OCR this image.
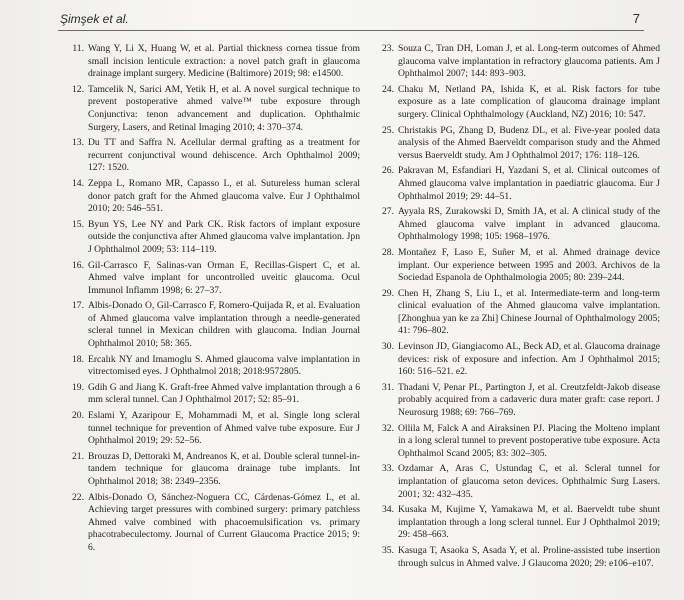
Şimşek et al.	7
11. Wang Y, Li X, Huang W, et al. Partial thickness cornea tissue from small incision lenticule extraction: a novel patch graft in glaucoma drainage implant surgery. Medicine (Baltimore) 2019; 98: e14500.
12. Tamcelik N, Sarici AM, Yetik H, et al. A novel surgical technique to prevent postoperative ahmed valve™ tube exposure through Conjunctiva: tenon advancement and duplication. Ophthalmic Surgery, Lasers, and Retinal Imaging 2010; 4: 370–374.
13. Du TT and Saffra N. Acellular dermal grafting as a treatment for recurrent conjunctival wound dehiscence. Arch Ophthalmol 2009; 127: 1520.
14. Zeppa L, Romano MR, Capasso L, et al. Sutureless human scleral donor patch graft for the Ahmed glaucoma valve. Eur J Ophthalmol 2010; 20: 546–551.
15. Byun YS, Lee NY and Park CK. Risk factors of implant exposure outside the conjunctiva after Ahmed glaucoma valve implantation. Jpn J Ophthalmol 2009; 53: 114–119.
16. Gil-Carrasco F, Salinas-van Orman E, Recillas-Gispert C, et al. Ahmed valve implant for uncontrolled uveitic glaucoma. Ocul Immunol Inflamm 1998; 6: 27–37.
17. Albis-Donado O, Gil-Carrasco F, Romero-Quijada R, et al. Evaluation of Ahmed glaucoma valve implantation through a needle-generated scleral tunnel in Mexican children with glaucoma. Indian Journal Ophthalmol 2010; 58: 365.
18. Ercalık NY and Imamoglu S. Ahmed glaucoma valve implantation in vitrectomised eyes. J Ophthalmol 2018; 2018:9572805.
19. Gdih G and Jiang K. Graft-free Ahmed valve implantation through a 6 mm scleral tunnel. Can J Ophthalmol 2017; 52: 85–91.
20. Eslami Y, Azaripour E, Mohammadi M, et al. Single long scleral tunnel technique for prevention of Ahmed valve tube exposure. Eur J Ophthalmol 2019; 29: 52–56.
21. Brouzas D, Dettoraki M, Andreanos K, et al. Double scleral tunnel-in-tandem technique for glaucoma drainage tube implants. Int Ophthalmol 2018; 38: 2349–2356.
22. Albis-Donado O, Sánchez-Noguera CC, Cárdenas-Gómez L, et al. Achieving target pressures with combined surgery: primary patchless Ahmed valve combined with phacoemulsification vs. primary phacotrabeculectomy. Journal of Current Glaucoma Practice 2015; 9: 6.
23. Souza C, Tran DH, Loman J, et al. Long-term outcomes of Ahmed glaucoma valve implantation in refractory glaucoma patients. Am J Ophthalmol 2007; 144: 893–903.
24. Chaku M, Netland PA, Ishida K, et al. Risk factors for tube exposure as a late complication of glaucoma drainage implant surgery. Clinical Ophthalmology (Auckland, NZ) 2016; 10: 547.
25. Christakis PG, Zhang D, Budenz DL, et al. Five-year pooled data analysis of the Ahmed Baerveldt comparison study and the Ahmed versus Baerveldt study. Am J Ophthalmol 2017; 176: 118–126.
26. Pakravan M, Esfandiari H, Yazdani S, et al. Clinical outcomes of Ahmed glaucoma valve implantation in paediatric glaucoma. Eur J Ophthalmol 2019; 29: 44–51.
27. Ayyala RS, Zurakowski D, Smith JA, et al. A clinical study of the Ahmed glaucoma valve implant in advanced glaucoma. Ophthalmology 1998; 105: 1968–1976.
28. Montañez F, Laso E, Suñer M, et al. Ahmed drainage device implant. Our experience between 1995 and 2003. Archivos de la Sociedad Espanola de Ophthalmologia 2005; 80: 239–244.
29. Chen H, Zhang S, Liu L, et al. Intermediate-term and long-term clinical evaluation of the Ahmed glaucoma valve implantation. [Zhonghua yan ke za Zhi] Chinese Journal of Ophthalmology 2005; 41: 796–802.
30. Levinson JD, Giangiacomo AL, Beck AD, et al. Glaucoma drainage devices: risk of exposure and infection. Am J Ophthalmol 2015; 160: 516–521. e2.
31. Thadani V, Penar PL, Partington J, et al. Creutzfeldt-Jakob disease probably acquired from a cadaveric dura mater graft: case report. J Neurosurg 1988; 69: 766–769.
32. Ollila M, Falck A and Airaksinen PJ. Placing the Molteno implant in a long scleral tunnel to prevent postoperative tube exposure. Acta Ophthalmol Scand 2005; 83: 302–305.
33. Ozdamar A, Aras C, Ustundag C, et al. Scleral tunnel for implantation of glaucoma seton devices. Ophthalmic Surg Lasers. 2001; 32: 432–435.
34. Kusaka M, Kujime Y, Yamakawa M, et al. Baerveldt tube shunt implantation through a long scleral tunnel. Eur J Ophthalmol 2019; 29: 458–663.
35. Kasuga T, Asaoka S, Asada Y, et al. Proline-assisted tube insertion through sulcus in Ahmed valve. J Glaucoma 2020; 29: e106–e107.
